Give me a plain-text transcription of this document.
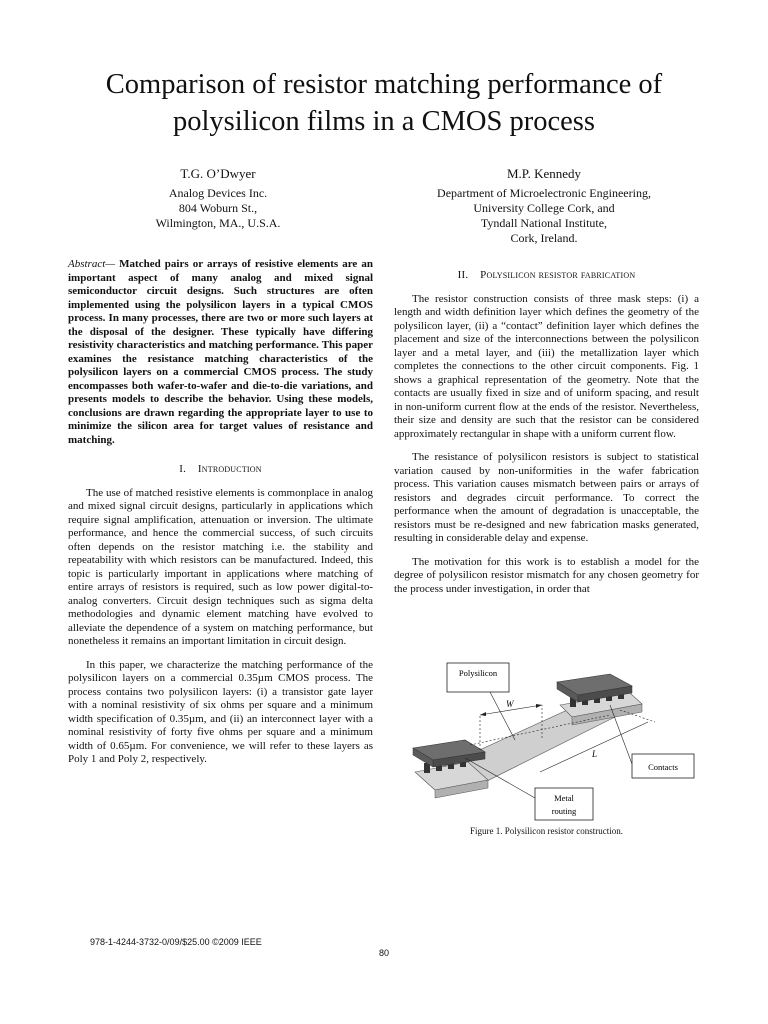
Comparison of resistor matching performance of
polysilicon films in a CMOS process
T.G. O’Dwyer
Analog Devices Inc.
804 Woburn St.,
Wilmington, MA., U.S.A.
M.P. Kennedy
Department of Microelectronic Engineering,
University College Cork, and
Tyndall National Institute,
Cork, Ireland.

Abstract— Matched pairs or arrays of resistive elements are an important aspect of many analog and mixed signal semiconductor circuit designs. Such structures are often implemented using the polysilicon layers in a typical CMOS process. In many processes, there are two or more such layers at the disposal of the designer. These typically have differing resistivity characteristics and matching performance. This paper examines the resistance matching characteristics of the polysilicon layers on a commercial CMOS process. The study encompasses both wafer-to-wafer and die-to-die variations, and presents models to describe the behavior. Using these models, conclusions are drawn regarding the appropriate layer to use to minimize the silicon area for target values of resistance and matching.

I. Introduction

The use of matched resistive elements is commonplace in analog and mixed signal circuit designs, particularly in applications which require signal amplification, attenuation or inversion. The ultimate performance, and hence the commercial success, of such circuits often depends on the resistor matching i.e. the stability and repeatability with which resistors can be manufactured. Indeed, this topic is particularly important in applications where matching of entire arrays of resistors is required, such as low power digital-to-analog converters. Circuit design techniques such as sigma delta methodologies and dynamic element matching have evolved to alleviate the dependence of a system on matching performance, but nonetheless it remains an important limitation in circuit design.

In this paper, we characterize the matching performance of the polysilicon layers on a commercial 0.35µm CMOS process. The process contains two polysilicon layers: (i) a transistor gate layer with a nominal resistivity of six ohms per square and a minimum width specification of 0.35µm, and (ii) an interconnect layer with a nominal resistivity of forty five ohms per square and a minimum width of 0.65µm. For convenience, we will refer to these layers as Poly 1 and Poly 2, respectively.

II. Polysilicon resistor fabrication

The resistor construction consists of three mask steps: (i) a length and width definition layer which defines the geometry of the polysilicon layer, (ii) a “contact” definition layer which defines the placement and size of the interconnections between the polysilicon layer and a metal layer, and (iii) the metallization layer which completes the connections to the other circuit components. Fig. 1 shows a graphical representation of the geometry. Note that the contacts are usually fixed in size and of uniform spacing, and result in non-uniform current flow at the ends of the resistor. Nevertheless, their size and density are such that the resistor can be considered approximately rectangular in shape with a uniform current flow.

The resistance of polysilicon resistors is subject to statistical variation caused by non-uniformities in the wafer fabrication process. This variation causes mismatch between pairs or arrays of resistors and degrades circuit performance. To correct the performance when the amount of degradation is unacceptable, the resistors must be re-designed and new fabrication masks generated, resulting in considerable delay and expense.

The motivation for this work is to establish a model for the degree of polysilicon resistor mismatch for any chosen geometry for the process under investigation, in order that

W
L
Polysilicon
Contacts
Metal
routing
Figure 1. Polysilicon resistor construction.
978-1-4244-3732-0/09/$25.00 ©2009 IEEE
80
